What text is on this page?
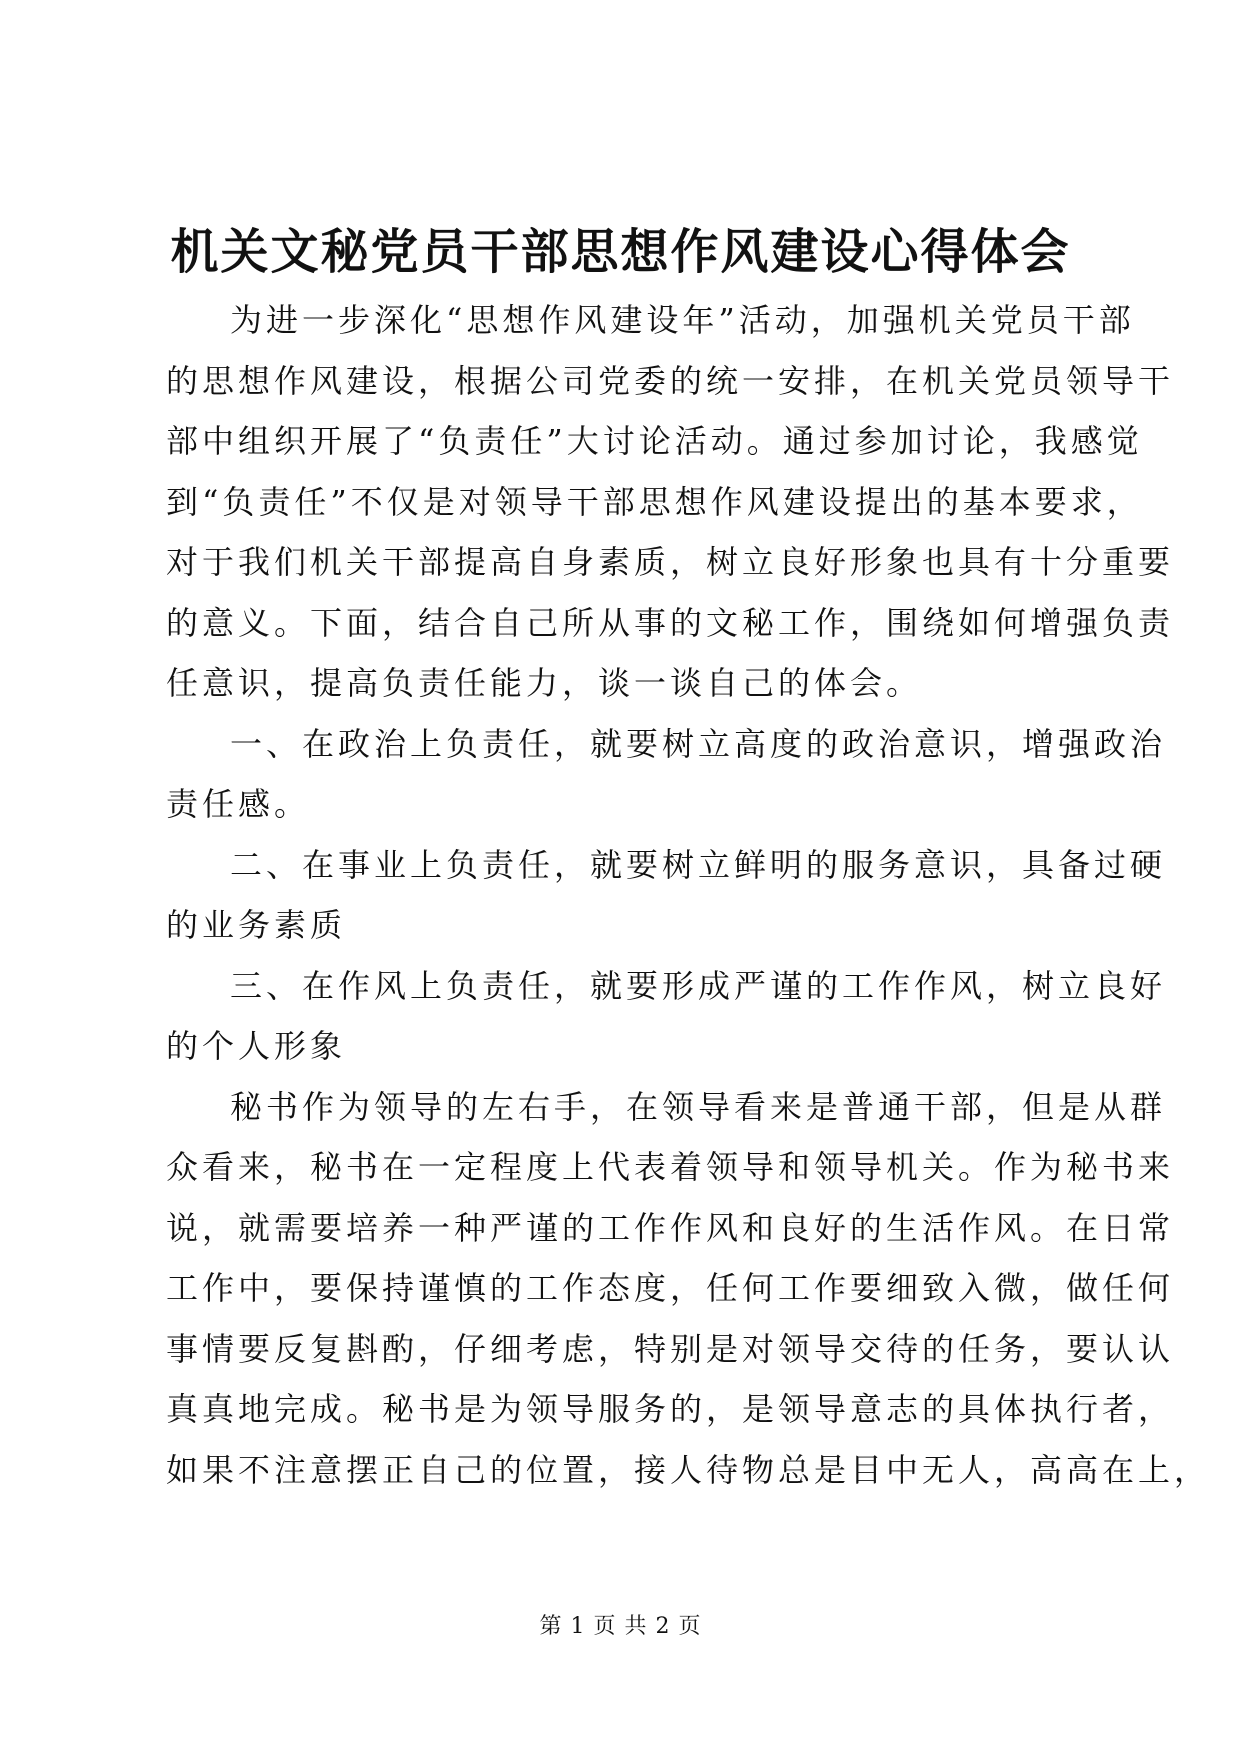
机关文秘党员干部思想作风建设心得体会
为进一步深化“思想作风建设年”活动，加强机关党员干部
的思想作风建设，根据公司党委的统一安排，在机关党员领导干
部中组织开展了“负责任”大讨论活动。通过参加讨论，我感觉
到“负责任”不仅是对领导干部思想作风建设提出的基本要求，
对于我们机关干部提高自身素质，树立良好形象也具有十分重要
的意义。下面，结合自己所从事的文秘工作，围绕如何增强负责
任意识，提高负责任能力，谈一谈自己的体会。
一、在政治上负责任，就要树立高度的政治意识，增强政治
责任感。
二、在事业上负责任，就要树立鲜明的服务意识，具备过硬
的业务素质
三、在作风上负责任，就要形成严谨的工作作风，树立良好
的个人形象
秘书作为领导的左右手，在领导看来是普通干部，但是从群
众看来，秘书在一定程度上代表着领导和领导机关。作为秘书来
说，就需要培养一种严谨的工作作风和良好的生活作风。在日常
工作中，要保持谨慎的工作态度，任何工作要细致入微，做任何
事情要反复斟酌，仔细考虑，特别是对领导交待的任务，要认认
真真地完成。秘书是为领导服务的，是领导意志的具体执行者，
如果不注意摆正自己的位置，接人待物总是目中无人，高高在上，
第 1 页 共 2 页
